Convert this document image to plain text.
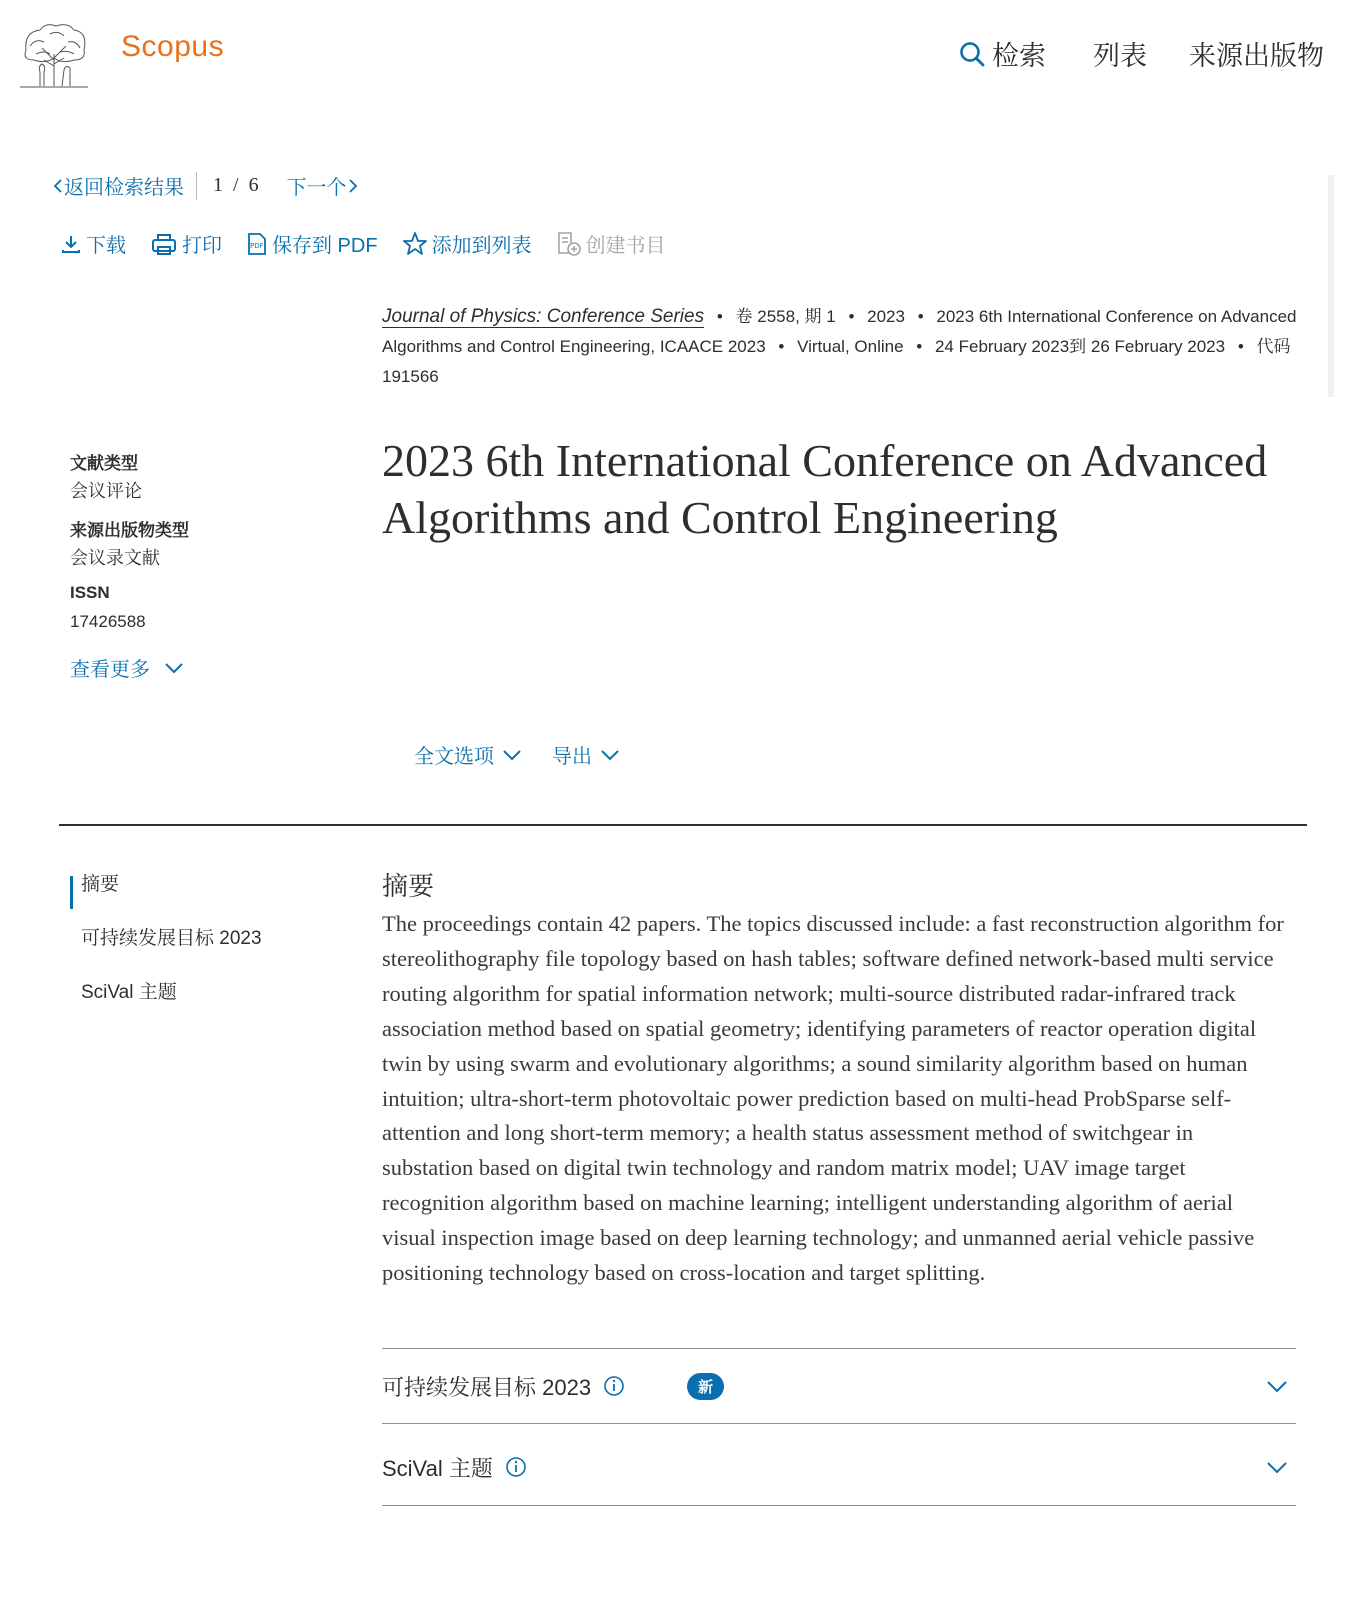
Scopus	检索 列表 来源出版物
返回检索结果 1 / 6 下一个
下载	打印	PDF 保存到 PDF	添加到列表	创建书目
Journal of Physics: Conference Series • 卷 2558, 期 1 • 2023 • 2023 6th International Conference on Advanced Algorithms and Control Engineering, ICAACE 2023 • Virtual, Online • 24 February 2023到 26 February 2023 • 代码 191566
2023 6th International Conference on Advanced Algorithms and Control Engineering
文献类型
会议评论
来源出版物类型
会议录文献
ISSN
17426588
查看更多
全文选项	导出
摘要
可持续发展目标 2023
SciVal 主题
摘要
The proceedings contain 42 papers. The topics discussed include: a fast reconstruction algorithm for stereolithography file topology based on hash tables; software defined network-based multi service routing algorithm for spatial information network; multi-source distributed radar-infrared track association method based on spatial geometry; identifying parameters of reactor operation digital twin by using swarm and evolutionary algorithms; a sound similarity algorithm based on human intuition; ultra-short-term photovoltaic power prediction based on multi-head ProbSparse self-attention and long short-term memory; a health status assessment method of switchgear in substation based on digital twin technology and random matrix model; UAV image target recognition algorithm based on machine learning; intelligent understanding algorithm of aerial visual inspection image based on deep learning technology; and unmanned aerial vehicle passive positioning technology based on cross-location and target splitting.
可持续发展目标 2023	新
SciVal 主题
